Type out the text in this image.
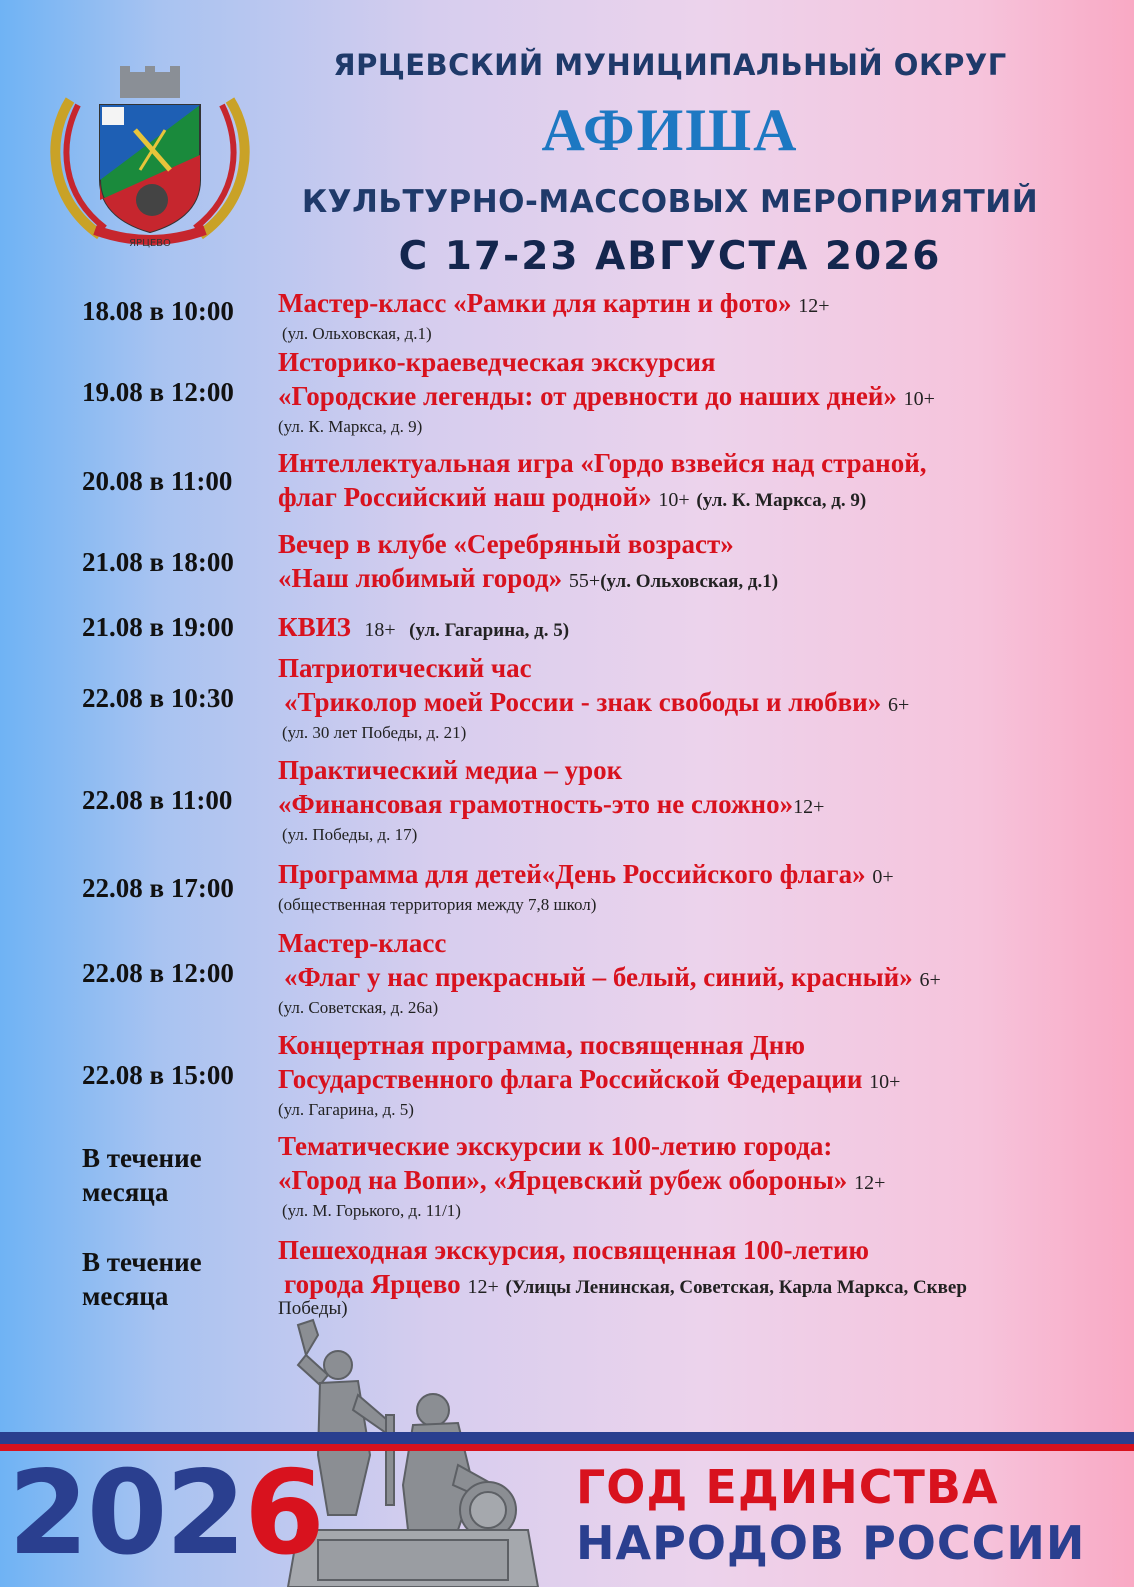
ЯРЦЕВО
ЯРЦЕВСКИЙ МУНИЦИПАЛЬНЫЙ ОКРУГ
АФИША
КУЛЬТУРНО-МАССОВЫХ МЕРОПРИЯТИЙ
С 17-23 АВГУСТА 2026
18.08 в 10:00	Мастер-класс «Рамки для картин и фото» 12+
(ул. Ольховская, д.1)
19.08 в 12:00
Историко-краеведческая экскурсия
«Городские легенды: от древности до наших дней» 10+
(ул. К. Маркса, д. 9)
20.08 в 11:00
Интеллектуальная игра «Гордо взвейся над страной,
флаг Российский наш родной» 10+ (ул. К. Маркса, д. 9)
21.08 в 18:00
Вечер в клубе «Серебряный возраст»
«Наш любимый город» 55+(ул. Ольховская, д.1)
21.08 в 19:00	КВИЗ 18+ (ул. Гагарина, д. 5)
22.08 в 10:30
Патриотический час
«Триколор моей России - знак свободы и любви» 6+
(ул. 30 лет Победы, д. 21)
22.08 в 11:00
Практический медиа – урок
«Финансовая грамотность-это не сложно»12+
(ул. Победы, д. 17)
22.08 в 17:00	Программа для детей«День Российского флага» 0+
(общественная территория между 7,8 школ)
22.08 в 12:00
Мастер-класс
«Флаг у нас прекрасный – белый, синий, красный» 6+
(ул. Советская, д. 26а)
22.08 в 15:00
Концертная программа, посвященная Дню
Государственного флага Российской Федерации 10+
(ул. Гагарина, д. 5)
В течение месяца
Тематические экскурсии к 100-летию города:
«Город на Вопи», «Ярцевский рубеж обороны» 12+
(ул. М. Горького, д. 11/1)
В течение месяца
Пешеходная экскурсия, посвященная 100-летию
города Ярцево 12+ (Улицы Ленинская, Советская, Карла Маркса, Сквер
Победы)
2026	ГОД ЕДИНСТВА
НАРОДОВ РОССИИ
